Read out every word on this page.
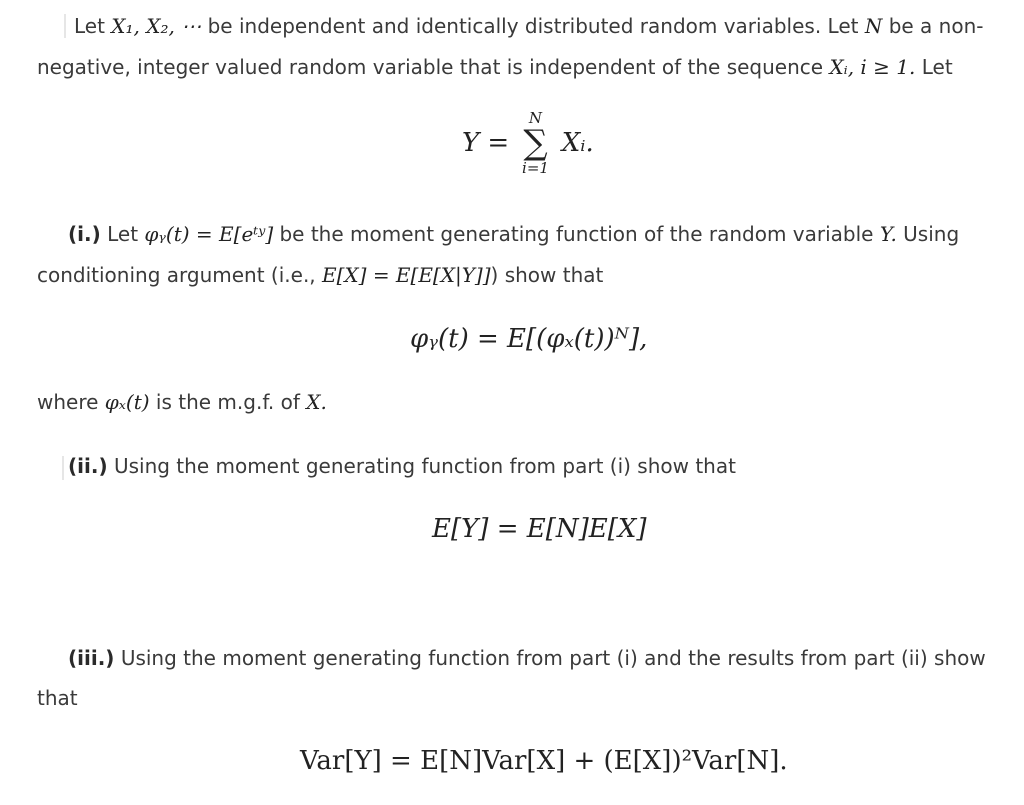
Let X₁, X₂, ⋯ be independent and identically distributed random variables. Let N be a non-
negative, integer valued random variable that is independent of the sequence Xᵢ, i ≥ 1. Let
Y =
N
∑
i=1
Xᵢ.
(i.) Let φᵧ(t) = E[eᵗʸ] be the moment generating function of the random variable Y. Using
conditioning argument (i.e., E[X] = E[E[X|Y]]) show that
φᵧ(t) = E[(φₓ(t))ᴺ],
where φₓ(t) is the m.g.f. of X.
(ii.) Using the moment generating function from part (i) show that
E[Y] = E[N]E[X]
(iii.) Using the moment generating function from part (i) and the results from part (ii) show
that
Var[Y] = E[N]Var[X] + (E[X])²Var[N].
